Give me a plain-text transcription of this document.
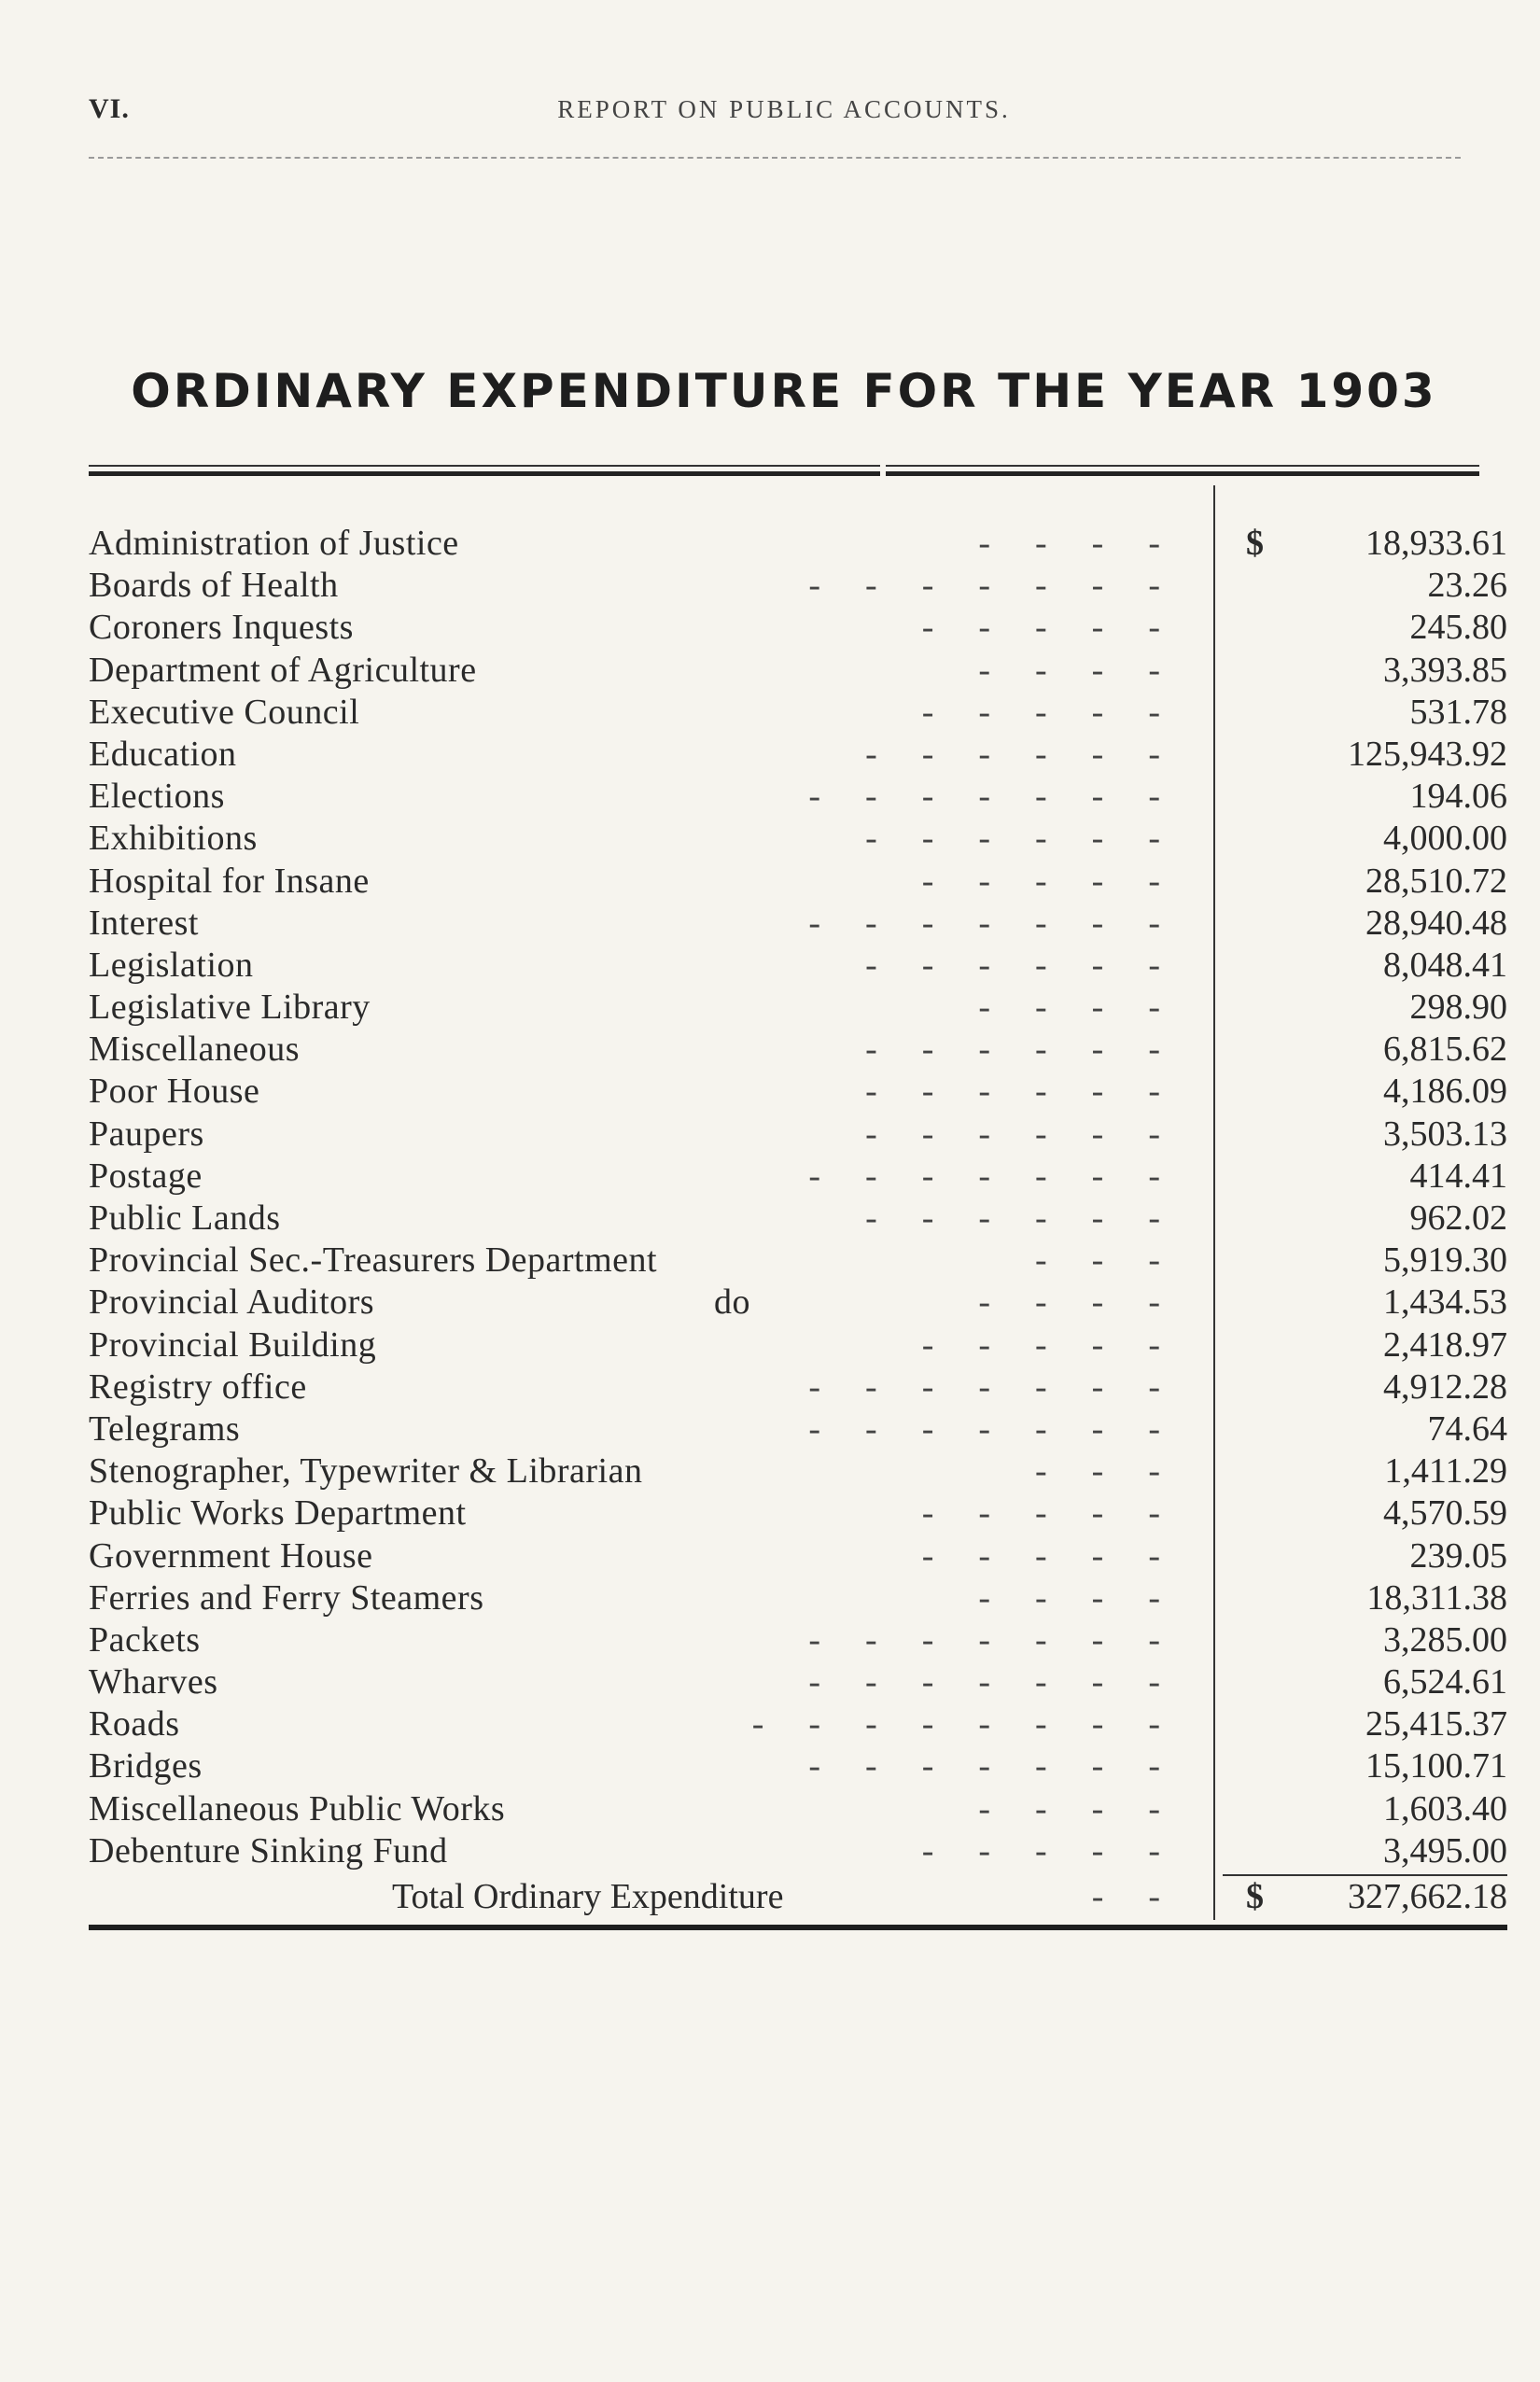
VI.	REPORT ON PUBLIC ACCOUNTS.
ORDINARY EXPENDITURE FOR THE YEAR 1903
Administration of Justice	-    -    -    - $	18,933.61
Boards of Health	-    -    -    -    -    -    -	23.26
Coroners Inquests	-    -    -    -    -	245.80
Department of Agriculture	-    -    -    -	3,393.85
Executive Council	-    -    -    -    -	531.78
Education	-    -    -    -    -    -	125,943.92
Elections	-    -    -    -    -    -    -	194.06
Exhibitions	-    -    -    -    -    -	4,000.00
Hospital for Insane	-    -    -    -    -	28,510.72
Interest	-    -    -    -    -    -    -	28,940.48
Legislation	-    -    -    -    -    -	8,048.41
Legislative Library	-    -    -    -	298.90
Miscellaneous	-    -    -    -    -    -	6,815.62
Poor House	-    -    -    -    -    -	4,186.09
Paupers	-    -    -    -    -    -	3,503.13
Postage	-    -    -    -    -    -    -	414.41
Public Lands	-    -    -    -    -    -	962.02
Provincial Sec.-Treasurers Department	-    -    -	5,919.30
Provincial Auditors	do	-    -    -    -	1,434.53
Provincial Building	-    -    -    -    -	2,418.97
Registry office	-    -    -    -    -    -    -	4,912.28
Telegrams	-    -    -    -    -    -    -	74.64
Stenographer, Typewriter & Librarian	-    -    -	1,411.29
Public Works Department	-    -    -    -    -	4,570.59
Government House	-    -    -    -    -	239.05
Ferries and Ferry Steamers	-    -    -    -	18,311.38
Packets	-    -    -    -    -    -    -	3,285.00
Wharves	-    -    -    -    -    -    -	6,524.61
Roads	-    -    -    -    -    -    -    -	25,415.37
Bridges	-    -    -    -    -    -    -	15,100.71
Miscellaneous Public Works	-    -    -    -	1,603.40
Debenture Sinking Fund	-    -    -    -    -	3,495.00
Total Ordinary Expenditure	-    - $ 327,662.18
